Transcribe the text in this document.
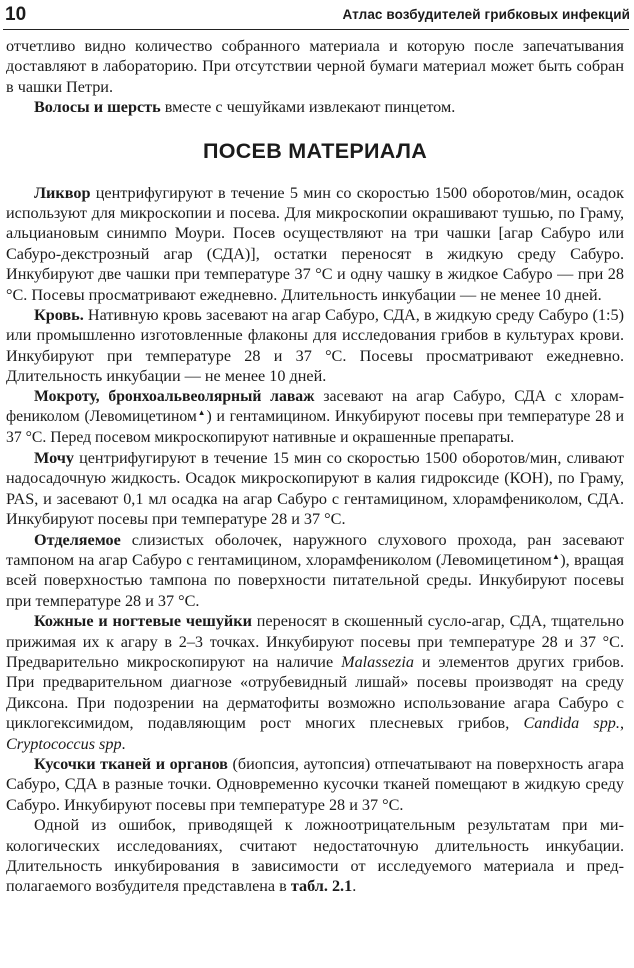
10	Атлас возбудителей грибковых инфекций

отчетливо видно количество собранного материала и которую после запечатывания доставляют в лабораторию. При отсутствии черной бумаги материал может быть собран в чашки Петри.

Волосы и шерсть вместе с чешуйками извлекают пинцетом.

ПОСЕВ МАТЕРИАЛА

Ликвор центрифугируют в течение 5 мин со скоростью 1500 оборотов/мин, осадок используют для микроскопии и посева. Для микроскопии окрашивают тушью, по Граму, альциановым синимпо Моури. Посев осуществляют на три чашки [агар Сабуро или Сабуро-декстрозный агар (СДА)], остатки переносят в жидкую среду Сабуро. Инкубируют две чашки при температуре 37 °С и одну чашку в жидкое Сабуро — при 28 °С. Посевы просматривают ежедневно. Длительность инкубации — не менее 10 дней.

Кровь. Нативную кровь засевают на агар Сабуро, СДА, в жидкую среду Сабуро (1:5) или промышленно изготовленные флаконы для исследования грибов в культурах крови. Инкубируют при температуре 28 и 37 °С. Посевы просматривают ежедневно. Длительность инкубации — не менее 10 дней.

Мокроту, бронхоальвеолярный лаваж засевают на агар Сабуро, СДА с хлорамфениколом (Левомицетином▲) и гентамицином. Инкубируют посевы при температуре 28 и 37 °С. Перед посевом микроскопируют нативные и окрашенные препараты.

Мочу центрифугируют в течение 15 мин со скоростью 1500 оборотов/мин, сливают надосадочную жидкость. Осадок микроскопируют в калия гидроксиде (КОН), по Граму, PAS, и засевают 0,1 мл осадка на агар Сабуро с гентамицином, хлорамфениколом, СДА. Инкубируют посевы при температуре 28 и 37 °С.

Отделяемое слизистых оболочек, наружного слухового прохода, ран засевают тампоном на агар Сабуро с гентамицином, хлорамфениколом (Левомицетином▲), вращая всей поверхностью тампона по поверхности питательной среды. Инкубируют посевы при температуре 28 и 37 °С.

Кожные и ногтевые чешуйки переносят в скошенный сусло-агар, СДА, тщательно прижимая их к агару в 2–3 точках. Инкубируют посевы при температуре 28 и 37 °С. Предварительно микроскопируют на наличие Malassezia и элементов других грибов. При предварительном диагнозе «отрубевидный лишай» посевы производят на среду Диксона. При подозрении на дерматофиты возможно использование агара Сабуро с циклогексимидом, подавляющим рост многих плесневых грибов, Candida spp., Cryptococcus spp.

Кусочки тканей и органов (биопсия, аутопсия) отпечатывают на поверхность агара Сабуро, СДА в разные точки. Одновременно кусочки тканей помещают в жидкую среду Сабуро. Инкубируют посевы при температуре 28 и 37 °С.

Одной из ошибок, приводящей к ложноотрицательным результатам при микологических исследованиях, считают недостаточную длительность инкубации. Длительность инкубирования в зависимости от исследуемого материала и предполагаемого возбудителя представлена в табл. 2.1.
